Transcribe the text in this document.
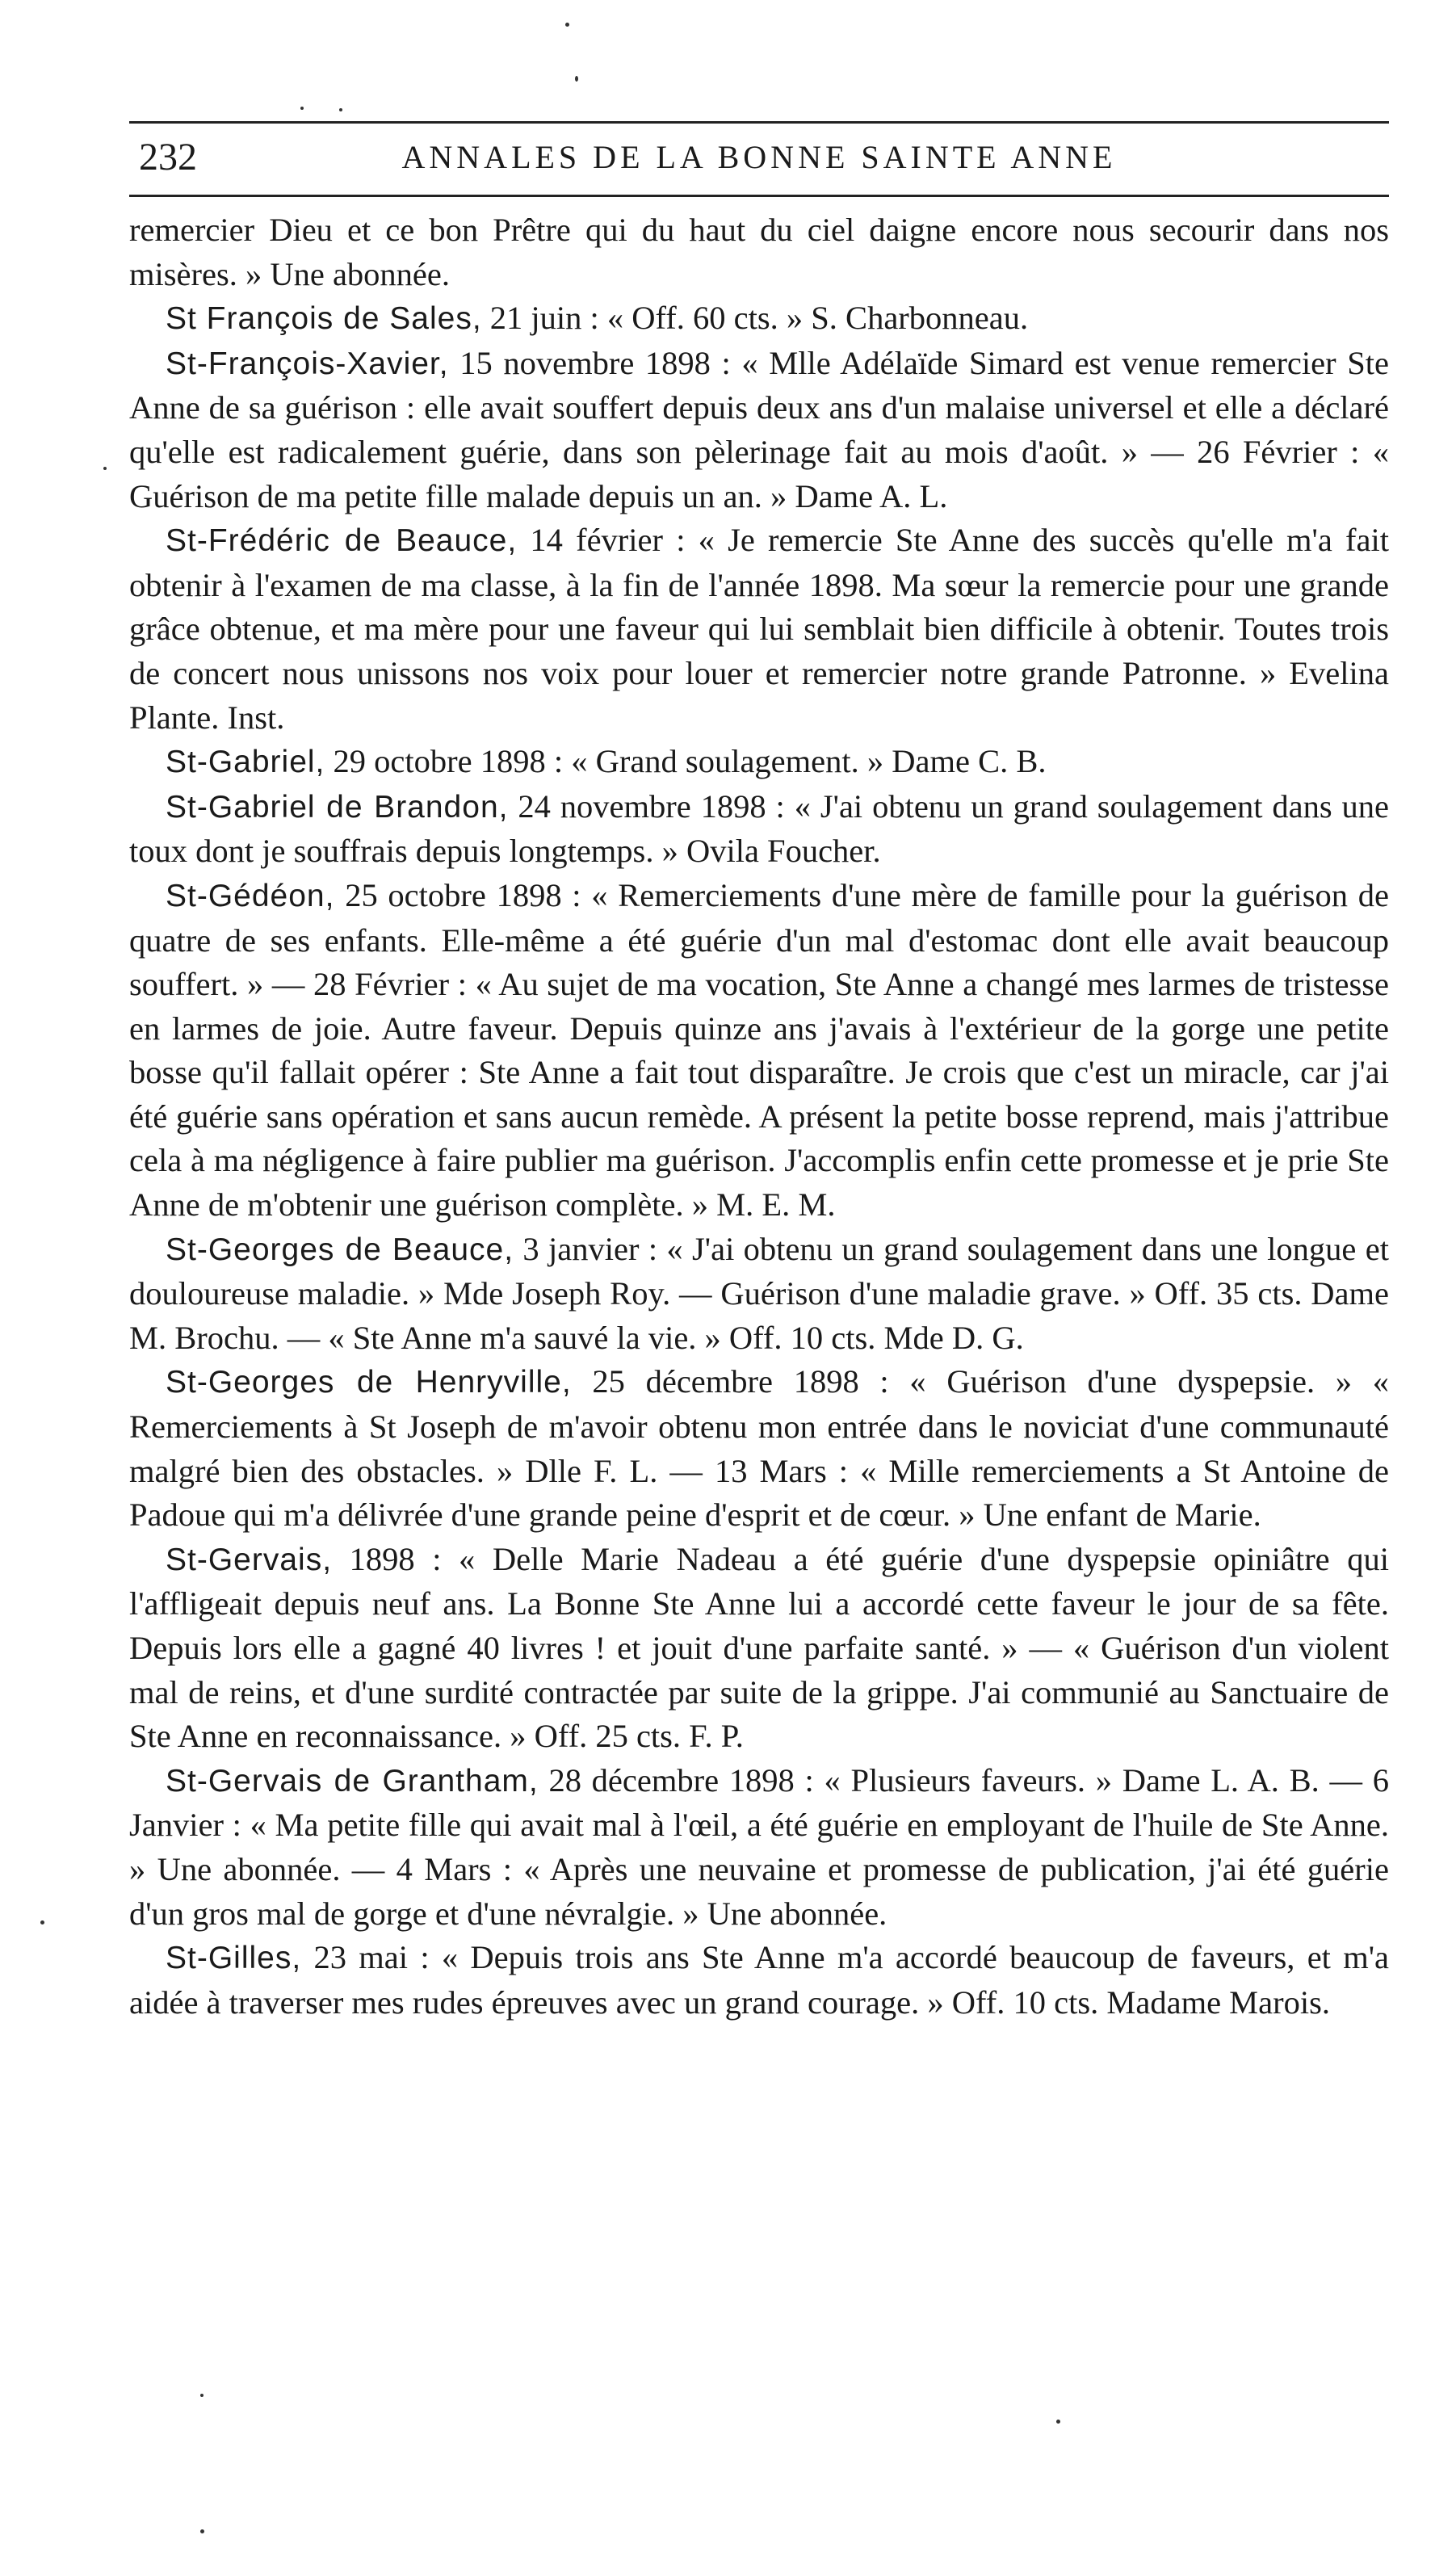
232	ANNALES DE LA BONNE SAINTE ANNE

remercier Dieu et ce bon Prêtre qui du haut du ciel daigne encore nous secourir dans nos misères. » Une abonnée.

St François de Sales, 21 juin : « Off. 60 cts. » S. Charbonneau.

St-François-Xavier, 15 novembre 1898 : « Mlle Adélaïde Simard est venue remercier Ste Anne de sa guérison : elle avait souffert depuis deux ans d'un malaise universel et elle a déclaré qu'elle est radicalement guérie, dans son pèlerinage fait au mois d'août. » — 26 Février : « Guérison de ma petite fille malade depuis un an. » Dame A. L.

St-Frédéric de Beauce, 14 février : « Je remercie Ste Anne des succès qu'elle m'a fait obtenir à l'examen de ma classe, à la fin de l'année 1898. Ma sœur la remercie pour une grande grâce obtenue, et ma mère pour une faveur qui lui semblait bien difficile à obtenir. Toutes trois de concert nous unissons nos voix pour louer et remercier notre grande Patronne. » Evelina Plante. Inst.

St-Gabriel, 29 octobre 1898 : « Grand soulagement. » Dame C. B.

St-Gabriel de Brandon, 24 novembre 1898 : « J'ai obtenu un grand soulagement dans une toux dont je souffrais depuis longtemps. » Ovila Foucher.

St-Gédéon, 25 octobre 1898 : « Remerciements d'une mère de famille pour la guérison de quatre de ses enfants. Elle-même a été guérie d'un mal d'estomac dont elle avait beaucoup souffert. » — 28 Février : « Au sujet de ma vocation, Ste Anne a changé mes larmes de tristesse en larmes de joie. Autre faveur. Depuis quinze ans j'avais à l'extérieur de la gorge une petite bosse qu'il fallait opérer : Ste Anne a fait tout disparaître. Je crois que c'est un miracle, car j'ai été guérie sans opération et sans aucun remède. A présent la petite bosse reprend, mais j'attribue cela à ma négligence à faire publier ma guérison. J'accomplis enfin cette promesse et je prie Ste Anne de m'obtenir une guérison complète. » M. E. M.

St-Georges de Beauce, 3 janvier : « J'ai obtenu un grand soulagement dans une longue et douloureuse maladie. » Mde Joseph Roy. — Guérison d'une maladie grave. » Off. 35 cts. Dame M. Brochu. — « Ste Anne m'a sauvé la vie. » Off. 10 cts. Mde D. G.

St-Georges de Henryville, 25 décembre 1898 : « Guérison d'une dyspepsie. » « Remerciements à St Joseph de m'avoir obtenu mon entrée dans le noviciat d'une communauté malgré bien des obstacles. » Dlle F. L. — 13 Mars : « Mille remerciements a St Antoine de Padoue qui m'a délivrée d'une grande peine d'esprit et de cœur. » Une enfant de Marie.

St-Gervais, 1898 : « Delle Marie Nadeau a été guérie d'une dyspepsie opiniâtre qui l'affligeait depuis neuf ans. La Bonne Ste Anne lui a accordé cette faveur le jour de sa fête. Depuis lors elle a gagné 40 livres ! et jouit d'une parfaite santé. » — « Guérison d'un violent mal de reins, et d'une surdité contractée par suite de la grippe. J'ai communié au Sanctuaire de Ste Anne en reconnaissance. » Off. 25 cts. F. P.

St-Gervais de Grantham, 28 décembre 1898 : « Plusieurs faveurs. » Dame L. A. B. — 6 Janvier : « Ma petite fille qui avait mal à l'œil, a été guérie en employant de l'huile de Ste Anne. » Une abonnée. — 4 Mars : « Après une neuvaine et promesse de publication, j'ai été guérie d'un gros mal de gorge et d'une névralgie. » Une abonnée.

St-Gilles, 23 mai : « Depuis trois ans Ste Anne m'a accordé beaucoup de faveurs, et m'a aidée à traverser mes rudes épreuves avec un grand courage. » Off. 10 cts. Madame Marois.
